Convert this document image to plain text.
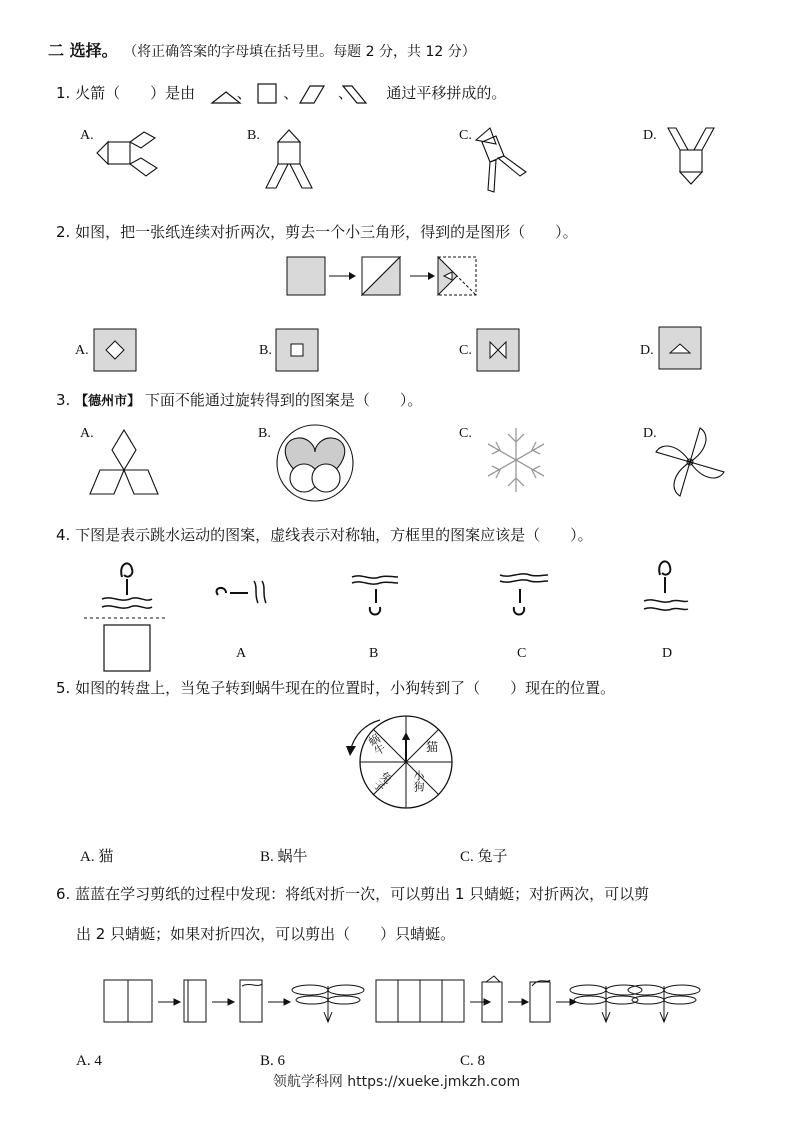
二 选择。 （将正确答案的字母填在括号里。每题 2 分，共 12 分）
1. 火箭（　　）是由	、 、	、 通过平移拼成的。
A.	B.	C.	D.
2. 如图，把一张纸连续对折两次，剪去一个小三角形，得到的是图形（　　）。
A.	B.	C.	D.
3. 【德州市】 下面不能通过旋转得到的图案是（　　）。
A.	B.	C.	D.
4. 下图是表示跳水运动的图案，虚线表示对称轴，方框里的图案应该是（　　）。
A	B	C	D
5. 如图的转盘上，当兔子转到蜗牛现在的位置时，小狗转到了（　　）现在的位置。
蜗牛	猫
小狗
兔子
A. 猫	B. 蜗牛	C. 兔子
6. 蓝蓝在学习剪纸的过程中发现：将纸对折一次，可以剪出 1 只蜻蜓；对折两次，可以剪
出 2 只蜻蜓；如果对折四次，可以剪出（　　）只蜻蜓。
A. 4	B. 6	C. 8
领航学科网 https://xueke.jmkzh.com
